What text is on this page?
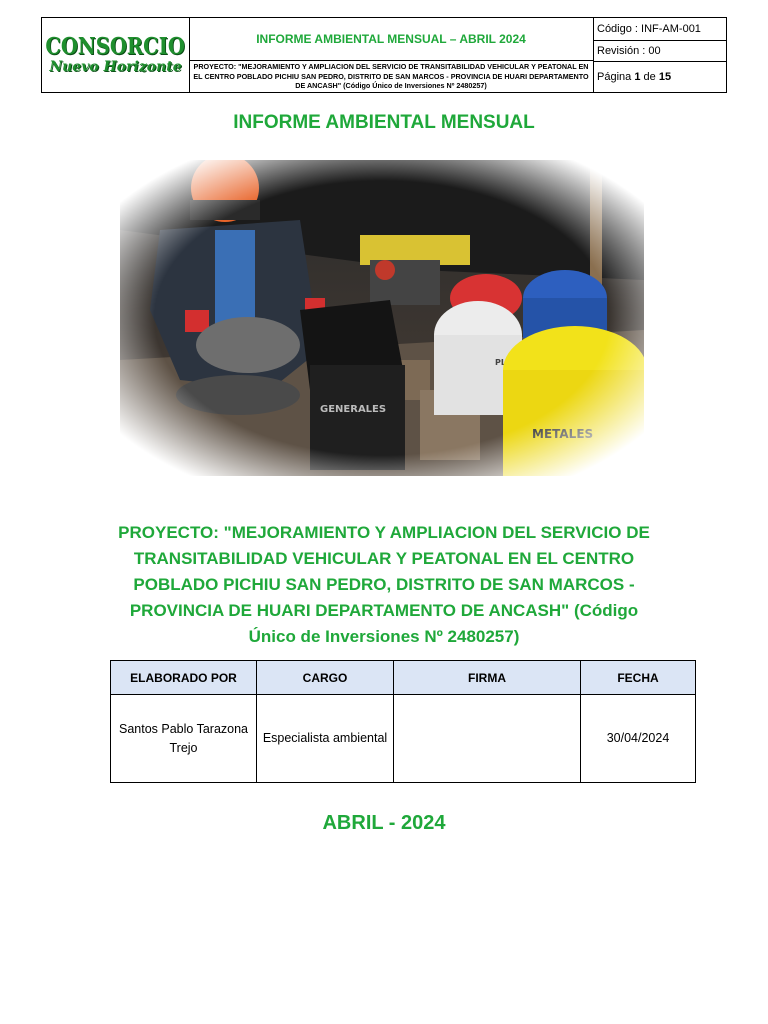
CONSORCIO
Nuevo Horizonte
INFORME AMBIENTAL MENSUAL – ABRIL 2024
PROYECTO: "MEJORAMIENTO Y AMPLIACION DEL SERVICIO DE TRANSITABILIDAD VEHICULAR Y PEATONAL EN EL CENTRO POBLADO PICHIU SAN PEDRO, DISTRITO DE SAN MARCOS - PROVINCIA DE HUARI DEPARTAMENTO DE ANCASH" (Código Único de Inversiones Nº 2480257)
Código : INF-AM-001
Revisión : 00
Página
1
de
15
INFORME AMBIENTAL MENSUAL
PROYECTO: "MEJORAMIENTO Y AMPLIACION DEL SERVICIO DE TRANSITABILIDAD VEHICULAR Y PEATONAL EN EL CENTRO POBLADO PICHIU SAN PEDRO, DISTRITO DE SAN MARCOS - PROVINCIA DE HUARI DEPARTAMENTO DE ANCASH" (Código Único de Inversiones Nº 2480257)
ELABORADO POR	CARGO	FIRMA	FECHA
Santos Pablo Tarazona Trejo	Especialista ambiental		30/04/2024
ABRIL - 2024
